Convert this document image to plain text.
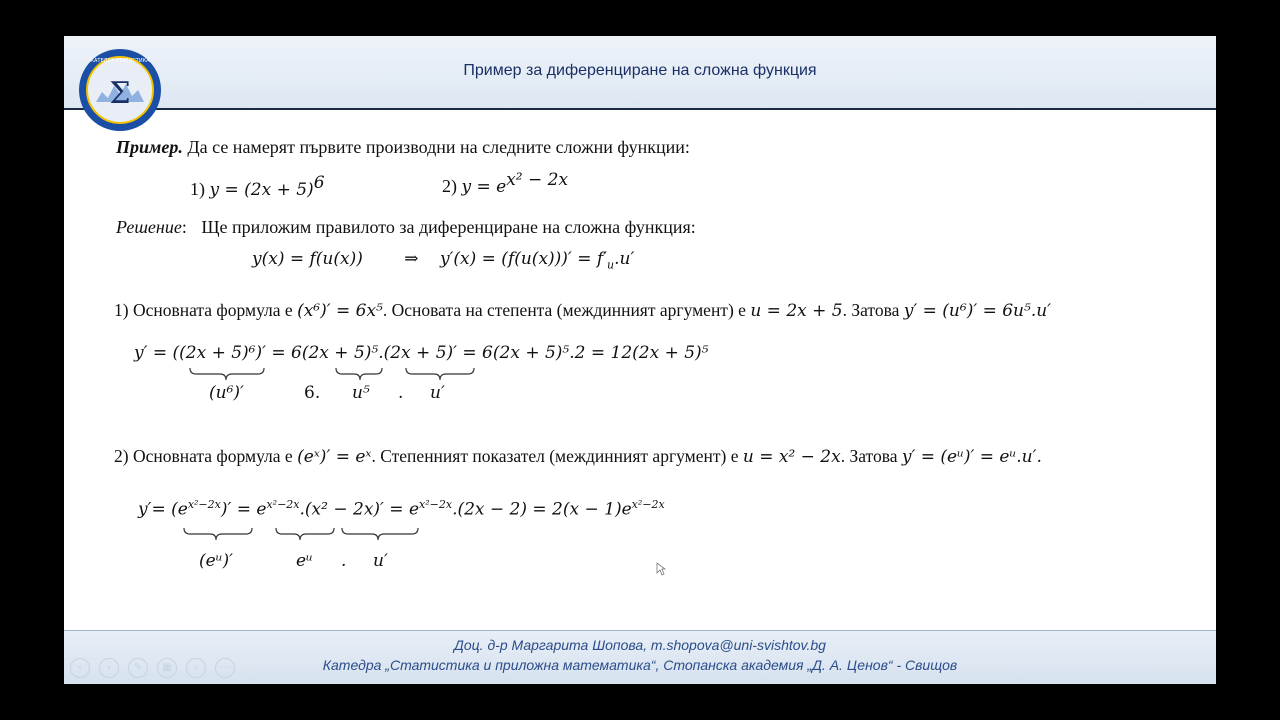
Пример за диференциране на сложна функция
Σ
КАТЕДРА СТАТИСТИКА
Пример. Да се намерят първите производни на следните сложни функции:
1) $y = (2x + 5)^6$	2) $y = e^{x^2 - 2x}$
Решение: Ще приложим правилото за диференциране на сложна функция:
y(x) = f(u(x)) ⇒ $y'(x) = (f(u(x)))' = f'_u.u'$
1) Основната формула е (x⁶)′ = 6x⁵. Основата на степента (междинният аргумент) е u = 2x + 5. Затова y′ = (u⁶)′ = 6u⁵.u′
y′ = ((2x + 5)⁶)′ = 6(2x + 5)⁵.(2x + 5)′ = 6(2x + 5)⁵.2 = 12(2x + 5)⁵
(u⁶)′	6. u⁵ . u′
2) Основната формула е (eˣ)′ = eˣ. Степенният показател (междинният аргумент) е u = x² − 2x. Затова y′ = (eᵘ)′ = eᵘ.u′.
$y'= (e^{x^2-2x})' = e^{x^2-2x}.(x^2 - 2x)' = e^{x^2-2x}.(2x - 2) = 2(x - 1)e^{x^2-2x}$
(eᵘ)′	eᵘ . u′
‹	› ✎ ▦ ⌕ ⋯
Доц. д-р Маргарита Шопова, m.shopova@uni-svishtov.bg
Катедра „Статистика и приложна математика“, Стопанска академия „Д. А. Ценов“ - Свищов
